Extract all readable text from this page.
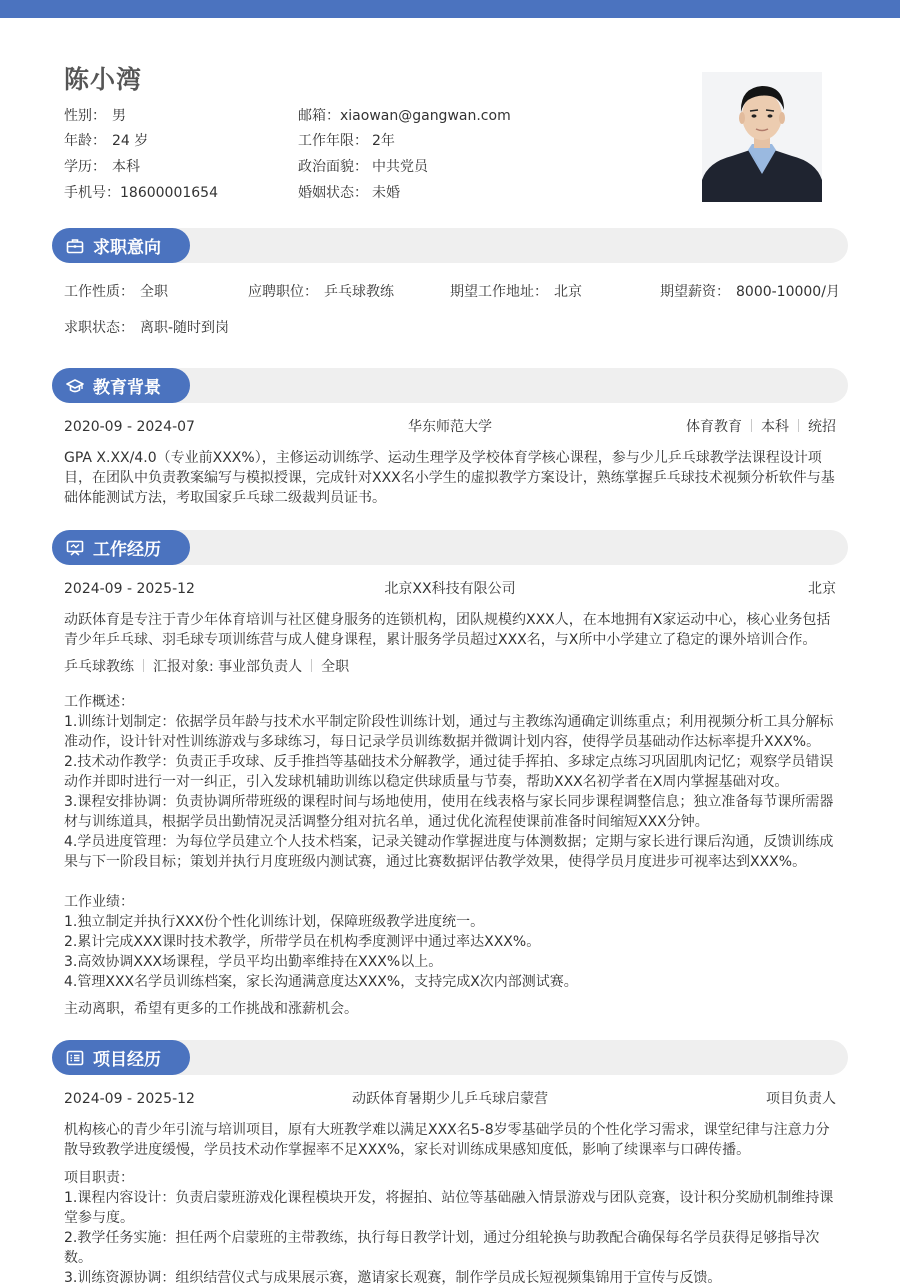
陈小湾
性别： 男
年龄： 24 岁
学历： 本科
手机号：18600001654
邮箱：xiaowan@gangwan.com
工作年限： 2年
政治面貌： 中共党员
婚姻状态： 未婚
求职意向
工作性质： 全职	应聘职位： 乒乓球教练	期望工作地址： 北京	期望薪资： 8000-10000/月
求职状态： 离职-随时到岗
教育背景
2020-09 - 2024-07	华东师范大学	体育教育 本科 统招
GPA X.XX/4.0（专业前XXX%），主修运动训练学、运动生理学及学校体育学核心课程，参与少儿乒乓球教学法课程设计项
目，在团队中负责教案编写与模拟授课，完成针对XXX名小学生的虚拟教学方案设计，熟练掌握乒乓球技术视频分析软件与基
础体能测试方法，考取国家乒乓球二级裁判员证书。
工作经历
2024-09 - 2025-12	北京XX科技有限公司	北京
动跃体育是专注于青少年体育培训与社区健身服务的连锁机构，团队规模约XXX人，在本地拥有X家运动中心，核心业务包括
青少年乒乓球、羽毛球专项训练营与成人健身课程，累计服务学员超过XXX名，与X所中小学建立了稳定的课外培训合作。
乒乓球教练 汇报对象: 事业部负责人 全职
工作概述：
1.训练计划制定：依据学员年龄与技术水平制定阶段性训练计划，通过与主教练沟通确定训练重点；利用视频分析工具分解标
准动作，设计针对性训练游戏与多球练习，每日记录学员训练数据并微调计划内容，使得学员基础动作达标率提升XXX%。
2.技术动作教学：负责正手攻球、反手推挡等基础技术分解教学，通过徒手挥拍、多球定点练习巩固肌肉记忆；观察学员错误
动作并即时进行一对一纠正，引入发球机辅助训练以稳定供球质量与节奏，帮助XXX名初学者在X周内掌握基础对攻。
3.课程安排协调：负责协调所带班级的课程时间与场地使用，使用在线表格与家长同步课程调整信息；独立准备每节课所需器
材与训练道具，根据学员出勤情况灵活调整分组对抗名单，通过优化流程使课前准备时间缩短XXX分钟。
4.学员进度管理：为每位学员建立个人技术档案，记录关键动作掌握进度与体测数据；定期与家长进行课后沟通，反馈训练成
果与下一阶段目标；策划并执行月度班级内测试赛，通过比赛数据评估教学效果，使得学员月度进步可视率达到XXX%。
工作业绩：
1.独立制定并执行XXX份个性化训练计划，保障班级教学进度统一。
2.累计完成XXX课时技术教学，所带学员在机构季度测评中通过率达XXX%。
3.高效协调XXX场课程，学员平均出勤率维持在XXX%以上。
4.管理XXX名学员训练档案，家长沟通满意度达XXX%，支持完成X次内部测试赛。
主动离职，希望有更多的工作挑战和涨薪机会。
项目经历
2024-09 - 2025-12	动跃体育暑期少儿乒乓球启蒙营	项目负责人
机构核心的青少年引流与培训项目，原有大班教学难以满足XXX名5-8岁零基础学员的个性化学习需求，课堂纪律与注意力分
散导致教学进度缓慢，学员技术动作掌握率不足XXX%，家长对训练成果感知度低，影响了续课率与口碑传播。
项目职责：
1.课程内容设计：负责启蒙班游戏化课程模块开发，将握拍、站位等基础融入情景游戏与团队竞赛，设计积分奖励机制维持课
堂参与度。
2.教学任务实施：担任两个启蒙班的主带教练，执行每日教学计划，通过分组轮换与助教配合确保每名学员获得足够指导次
数。
3.训练资源协调：组织结营仪式与成果展示赛，邀请家长观赛，制作学员成长短视频集锦用于宣传与反馈。
